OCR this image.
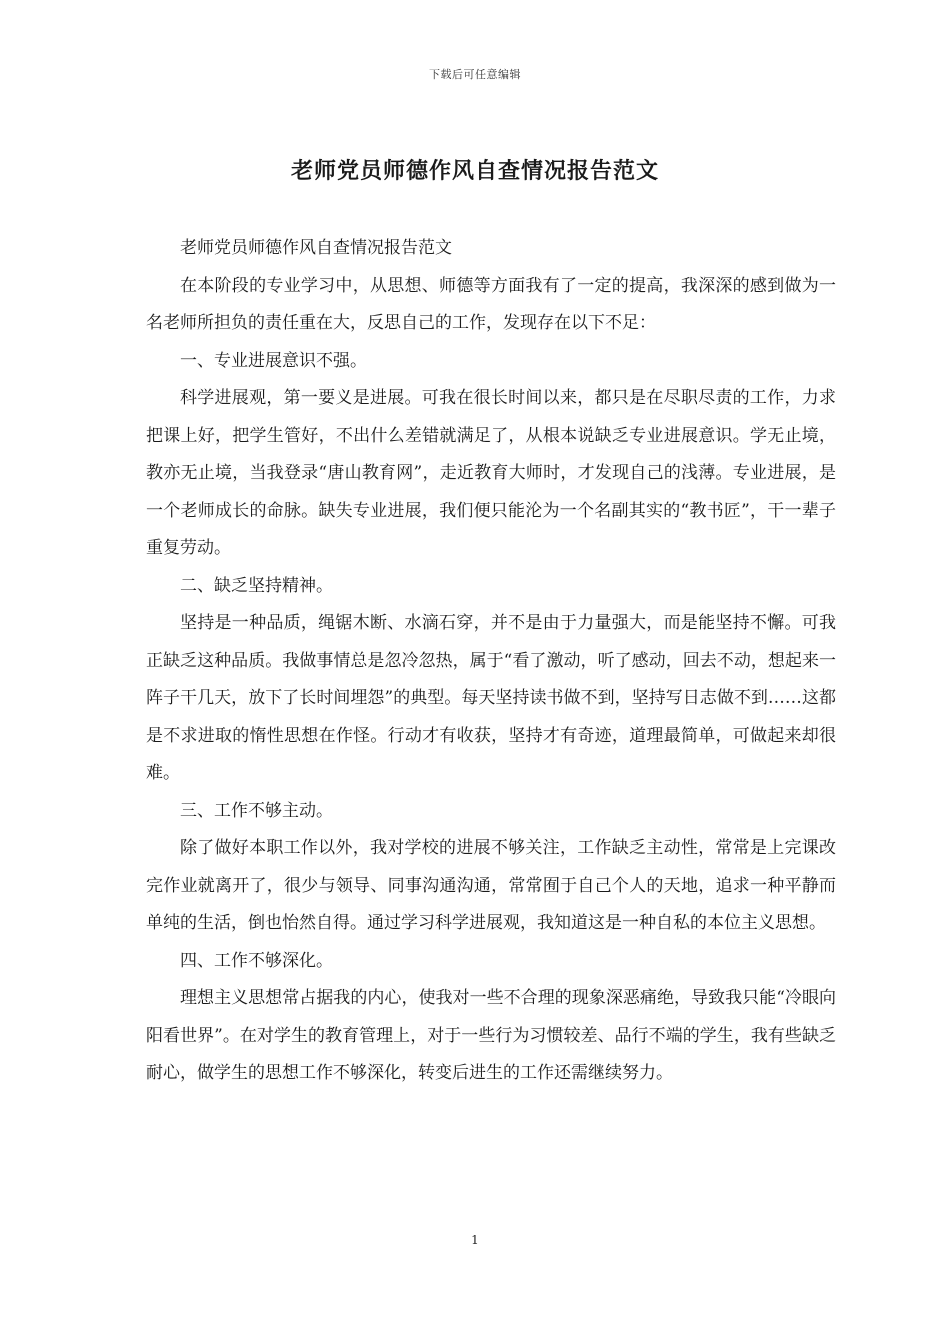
下载后可任意编辑
老师党员师德作风自查情况报告范文

老师党员师德作风自查情况报告范文

在本阶段的专业学习中，从思想、师德等方面我有了一定的提高，我深深的感到做为一名老师所担负的责任重在大，反思自己的工作，发现存在以下不足：

一、专业进展意识不强。

科学进展观，第一要义是进展。可我在很长时间以来，都只是在尽职尽责的工作，力求把课上好，把学生管好，不出什么差错就满足了，从根本说缺乏专业进展意识。学无止境，教亦无止境，当我登录“唐山教育网”，走近教育大师时，才发现自己的浅薄。专业进展，是一个老师成长的命脉。缺失专业进展，我们便只能沦为一个名副其实的“教书匠”，干一辈子重复劳动。

二、缺乏坚持精神。

坚持是一种品质，绳锯木断、水滴石穿，并不是由于力量强大，而是能坚持不懈。可我正缺乏这种品质。我做事情总是忽冷忽热，属于“看了激动，听了感动，回去不动，想起来一阵子干几天，放下了长时间埋怨”的典型。每天坚持读书做不到，坚持写日志做不到……这都是不求进取的惰性思想在作怪。行动才有收获，坚持才有奇迹，道理最简单，可做起来却很难。

三、工作不够主动。

除了做好本职工作以外，我对学校的进展不够关注，工作缺乏主动性，常常是上完课改完作业就离开了，很少与领导、同事沟通沟通，常常囿于自己个人的天地，追求一种平静而单纯的生活，倒也怡然自得。通过学习科学进展观，我知道这是一种自私的本位主义思想。

四、工作不够深化。

理想主义思想常占据我的内心，使我对一些不合理的现象深恶痛绝，导致我只能“冷眼向阳看世界”。在对学生的教育管理上，对于一些行为习惯较差、品行不端的学生，我有些缺乏耐心，做学生的思想工作不够深化，转变后进生的工作还需继续努力。

1
